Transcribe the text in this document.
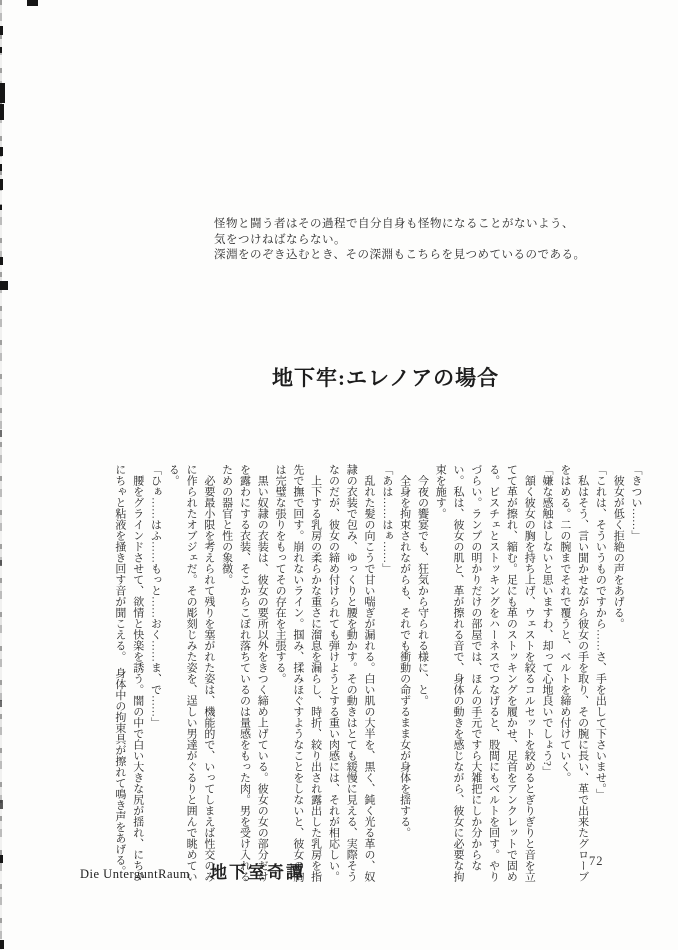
怪物と闘う者はその過程で自分自身も怪物になることがないよう、
気をつけねばならない。
深淵をのぞき込むとき、その深淵もこちらを見つめているのである。
地下牢:エレノアの場合

「きつい……」

　彼女が低く拒絶の声をあげる。

「これは、そういうものですから……さ、手を出して下さいませ。」

　私はそう、言い聞かせながら彼女の手を取り、その腕に長い、革で出来たグローブをはめる。二の腕までそれで覆うと、ベルトを締め付けていく。

「嫌な感触はしないと思いますわ、却って心地良いでしょう?」

　頷く彼女の胸を持ち上げ、ウェストを絞るコルセットを絞めるとぎりぎりと音を立てて革が擦れ、縮む。足にも革のストッキングを履かせ、足首をアンクレットで固める。ビスチェとストッキングをハーネスでつなげると、股間にもベルトを回す。やりづらい。ランプの明かりだけの部屋では、ほんの手元ですら大雑把にしか分からない。私は、彼女の肌と、革が擦れる音で、身体の動きを感じながら、彼女に必要な拘束を施す。

　今夜の饗宴でも、狂気から守られる様に、と。

　全身を拘束されながらも、それでも衝動の命ずるまま女が身体を揺する。

「あは……はぁ……」

　乱れた髪の向こうで甘い喘ぎが漏れる。白い肌の大半を、黒く、鈍く光る革の、奴隷の衣装で包み、ゆっくりと腰を動かす。その動きはとても緩慢に見える、実際そうなのだが、彼女の締め付けられても弾けようとする重い肉感には、それが相応しい。

　上下する乳房の柔らかな重さに溜息を漏らし、時折、絞り出され露出した乳房を指先で撫で回す。崩れないライン。掴み、揉みほぐすようなことをしないと、彼女の胸は完璧な張りをもってその存在を主張する。

　黒い奴隷の衣装は、彼女の要所以外をきつく締め上げている。彼女の女の部分だけを露わにする衣装、そこからこぼれ落ちているのは量感をもった肉。男を受け入れるための器官と性の象徴。

　必要最小限を考えられて残りを塞がれた姿は、機能的で、いってしまえば性交のみに作られたオブジェだ。その彫刻じみた姿を、逞しい男達がぐるりと囲んで眺めている。

「ひぁ……はふ……もっと……おく……ま、で……」

　腰をグラインドさせて、欲情と快楽を誘う。闇の中で白い大きな尻が揺れ、にちゃにちゃと粘液を掻き回す音が聞こえる。　身体中の拘束具が擦れて鳴き声をあげる。

Die UnterguntRaum 地下室奇譚
72
